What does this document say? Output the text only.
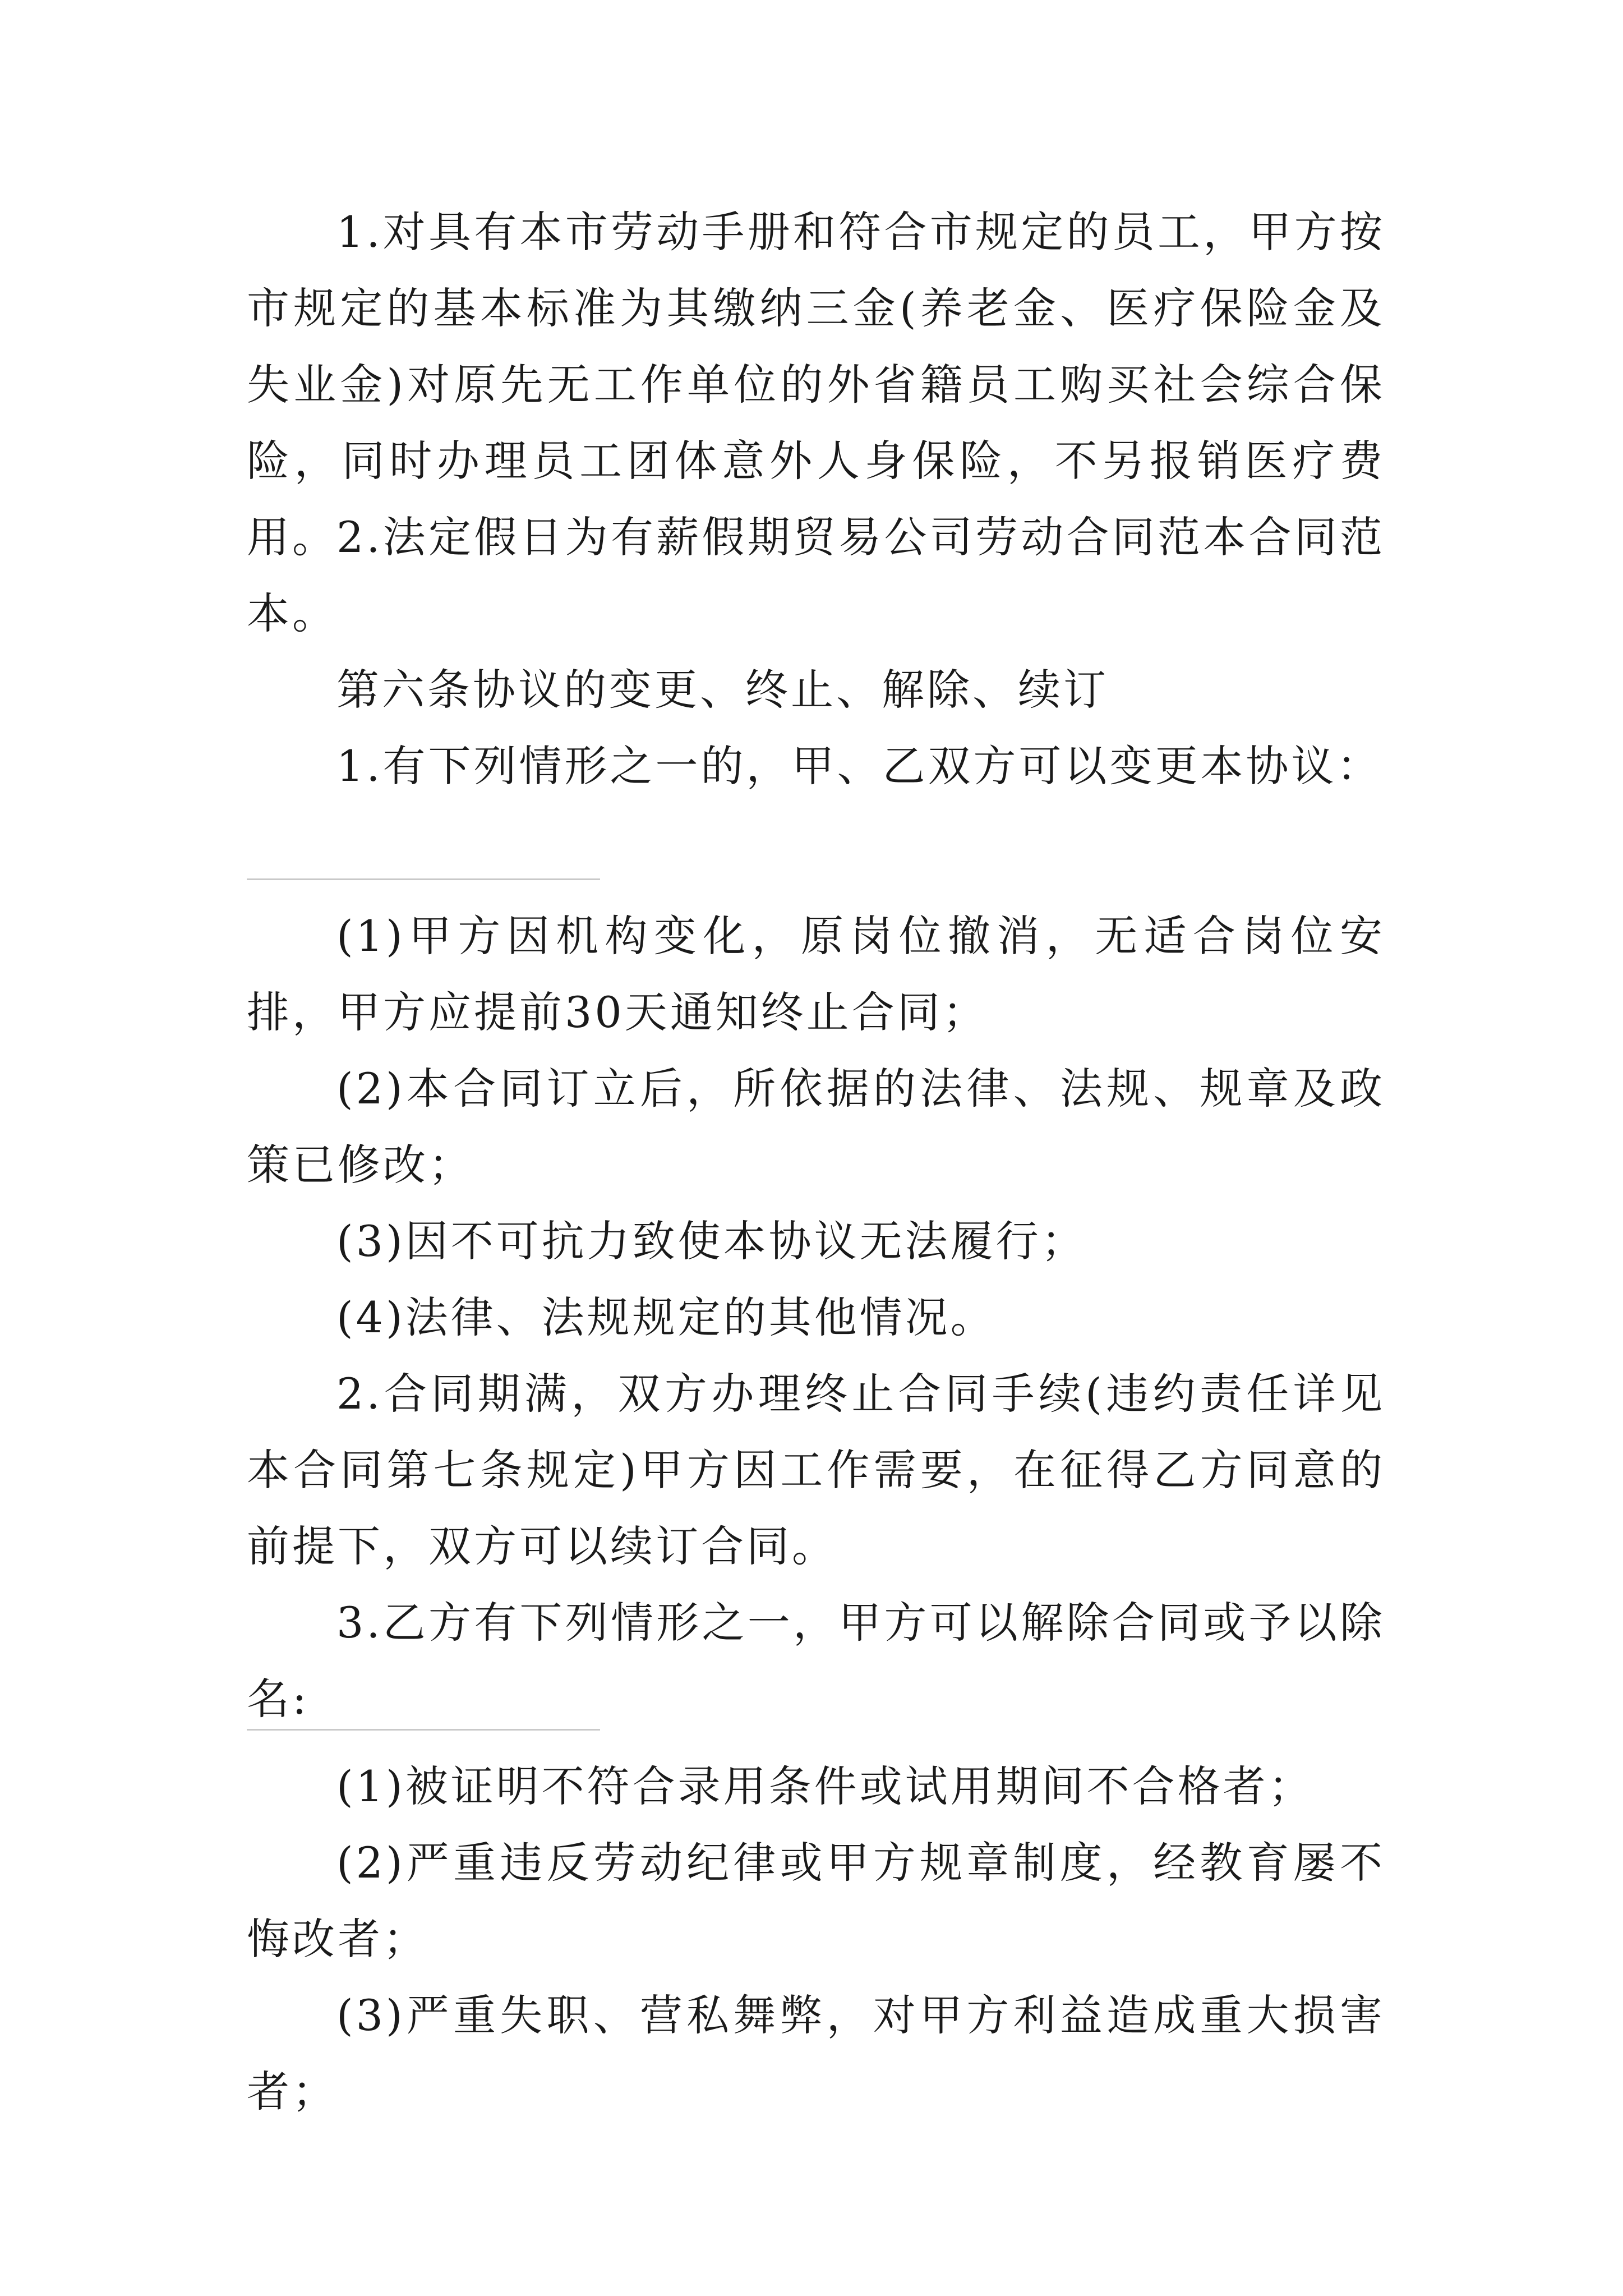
1.对具有本市劳动手册和符合市规定的员工，甲方按市规定的基本标准为其缴纳三金(养老金、医疗保险金及失业金)对原先无工作单位的外省籍员工购买社会综合保险，同时办理员工团体意外人身保险，不另报销医疗费用。

2.法定假日为有薪假期贸易公司劳动合同范本合同范本。

第六条协议的变更、终止、解除、续订

1.有下列情形之一的，甲、乙双方可以变更本协议：

(1)甲方因机构变化，原岗位撤消，无适合岗位安排，甲方应提前30天通知终止合同；

(2)本合同订立后，所依据的法律、法规、规章及政策已修改；

(3)因不可抗力致使本协议无法履行；

(4)法律、法规规定的其他情况。

2.合同期满，双方办理终止合同手续(违约责任详见本合同第七条规定)甲方因工作需要，在征得乙方同意的前提下，双方可以续订合同。

3.乙方有下列情形之一，甲方可以解除合同或予以除名:

(1)被证明不符合录用条件或试用期间不合格者；

(2)严重违反劳动纪律或甲方规章制度，经教育屡不悔改者；

(3)严重失职、营私舞弊，对甲方利益造成重大损害者；
